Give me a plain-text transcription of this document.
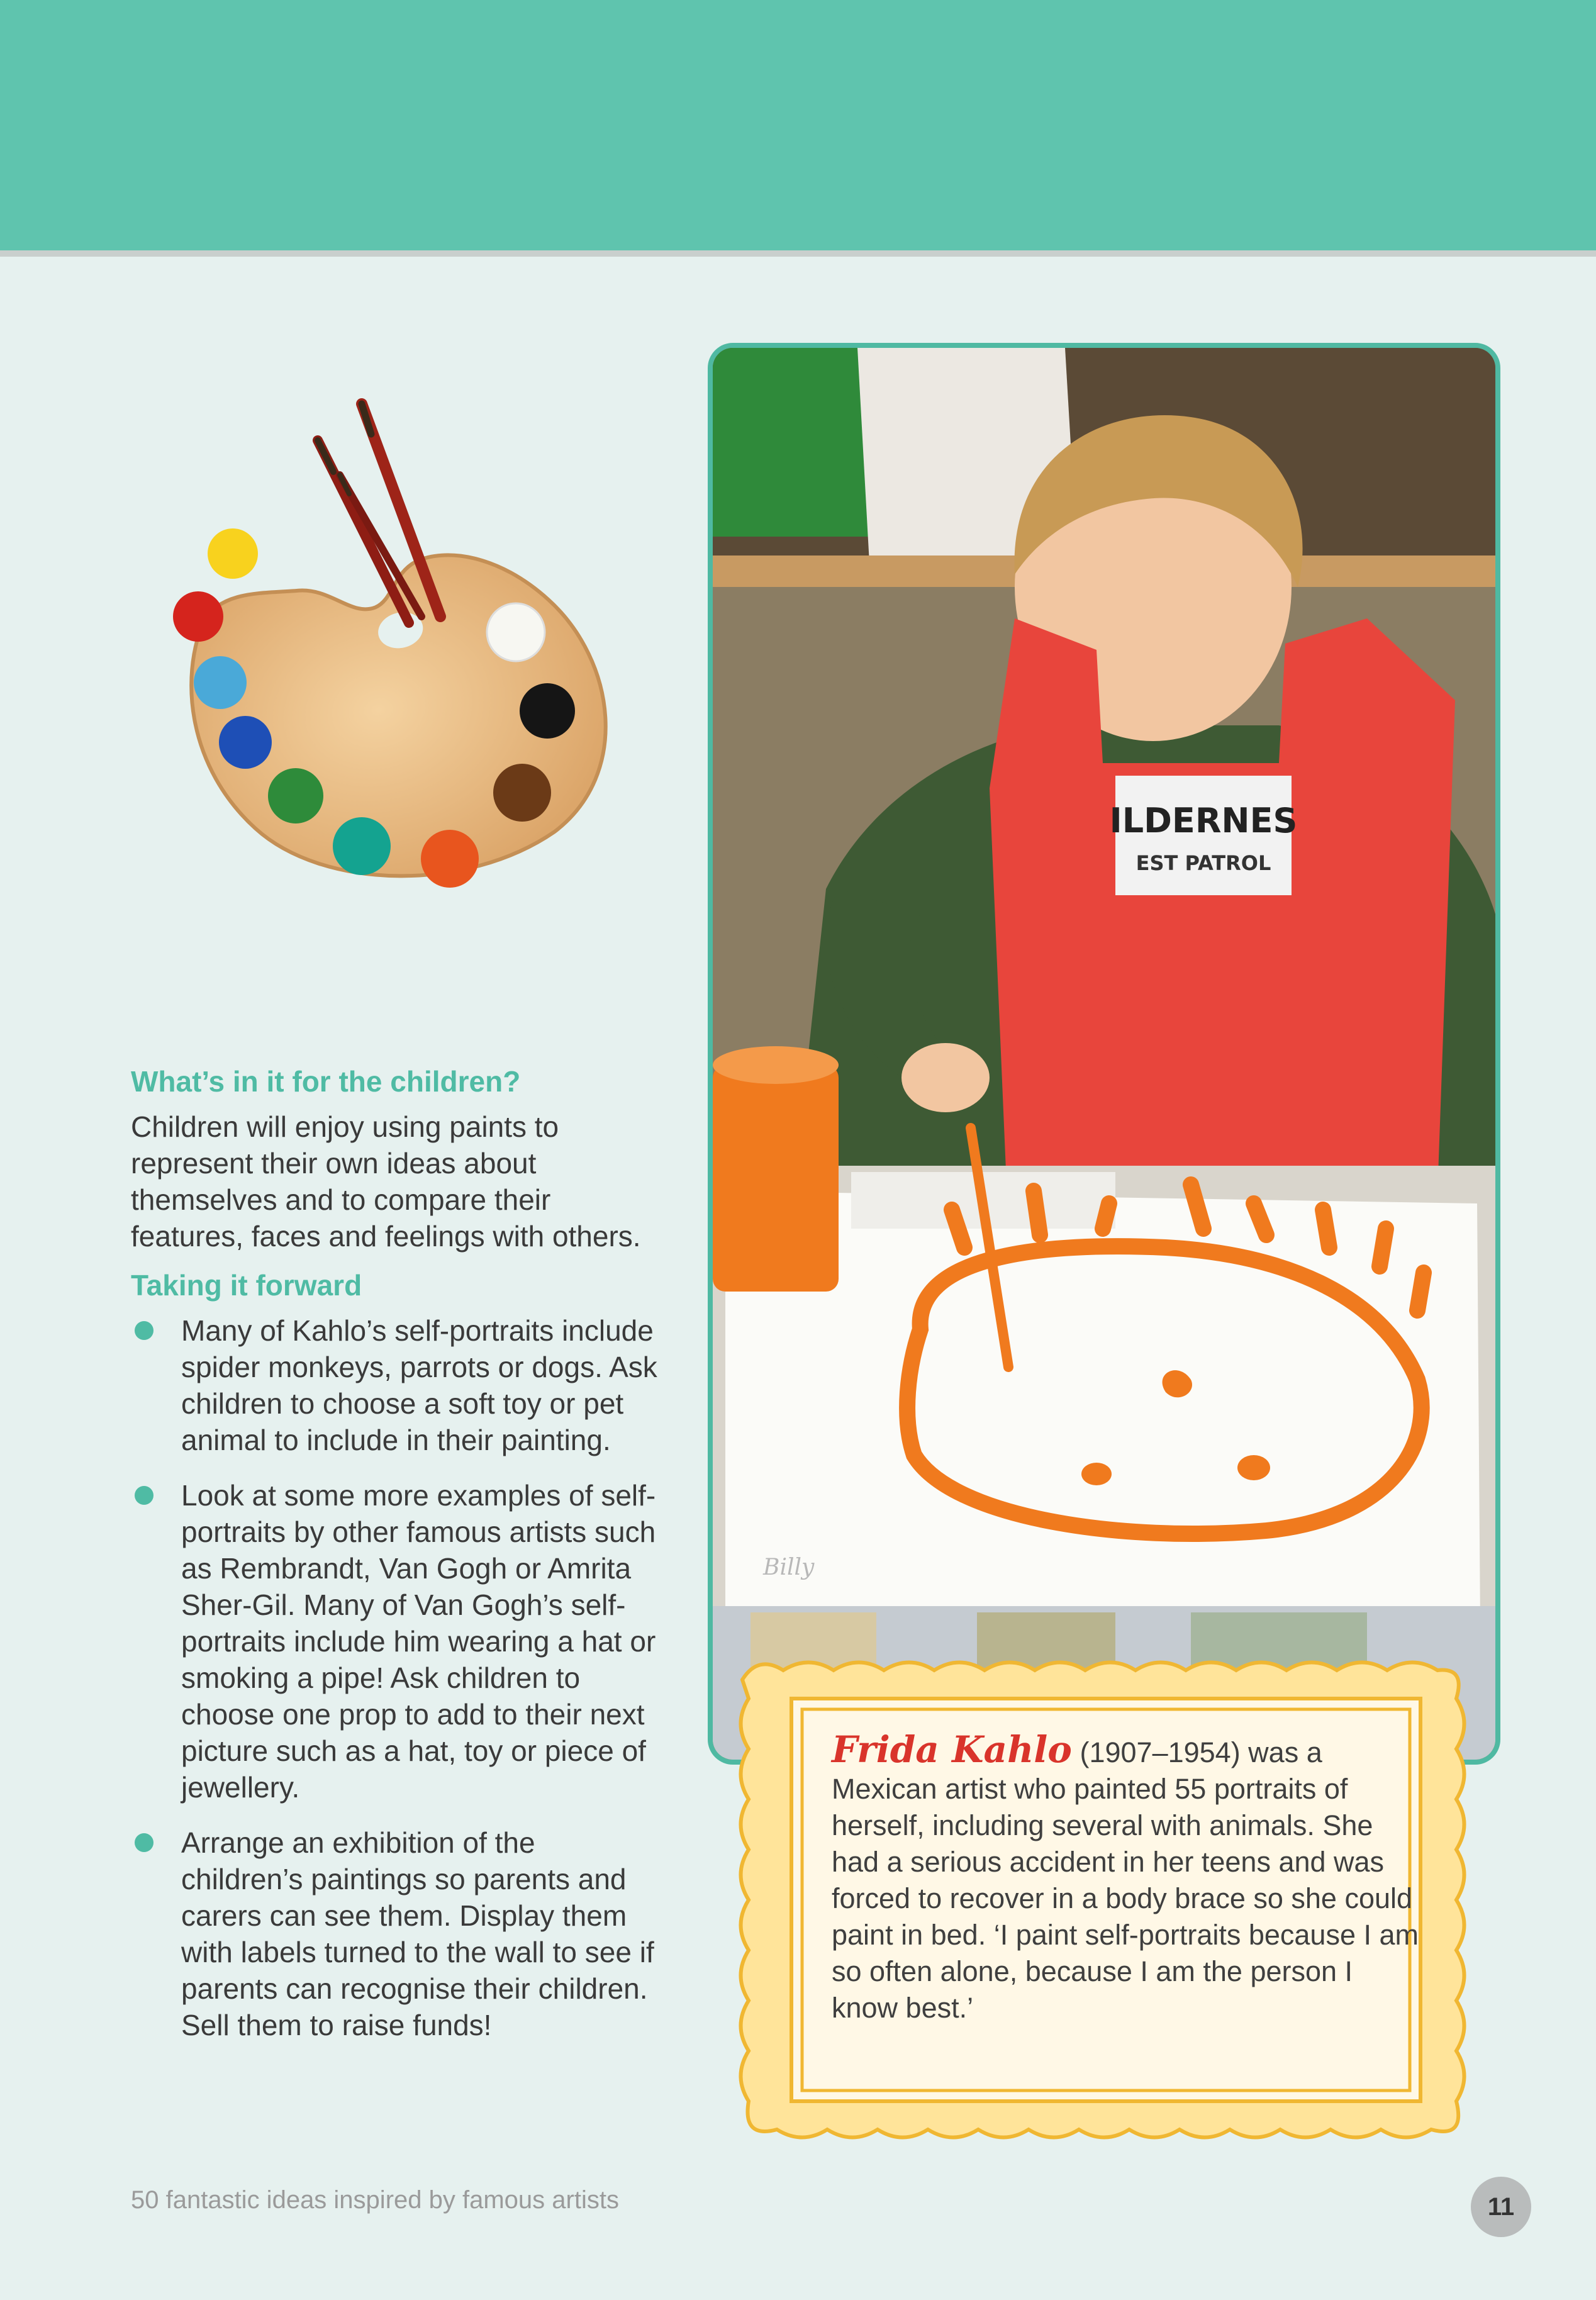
ILDERNES
EST PATROL
Billy
Frida Kahlo (1907–1954) was a Mexican artist who painted 55 portraits of herself, including several with animals. She had a serious accident in her teens and was forced to recover in a body brace so she could paint in bed. ‘I paint self-portraits because I am so often alone, because I am the person I know best.’
What’s in it for the children?

Children will enjoy using paints to represent their own ideas about themselves and to compare their features, faces and feelings with others.

Taking it forward
Many of Kahlo’s self-portraits include spider monkeys, parrots or dogs. Ask children to choose a soft toy or pet animal to include in their painting.
Look at some more examples of self-portraits by other famous artists such as Rembrandt, Van Gogh or Amrita Sher-Gil. Many of Van Gogh’s self-portraits include him wearing a hat or smoking a pipe! Ask children to choose one prop to add to their next picture such as a hat, toy or piece of jewellery.
Arrange an exhibition of the children’s paintings so parents and carers can see them. Display them with labels turned to the wall to see if parents can recognise their children. Sell them to raise funds!
50 fantastic ideas inspired by famous artists	11
